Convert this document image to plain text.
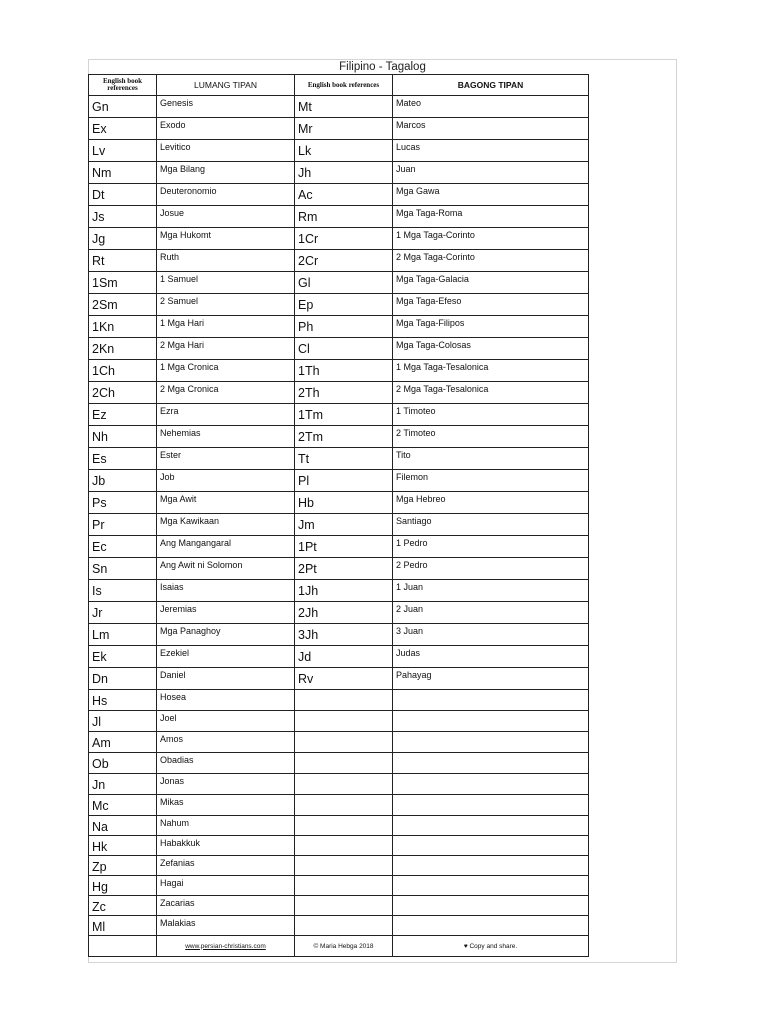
Filipino - Tagalog
English book references	LUMANG TIPAN	English book references	BAGONG TIPAN
Gn	Genesis	Mt	Mateo
Ex	Exodo	Mr	Marcos
Lv	Levitico	Lk	Lucas
Nm	Mga Bilang	Jh	Juan
Dt	Deuteronomio	Ac	Mga Gawa
Js	Josue	Rm	Mga Taga-Roma
Jg	Mga Hukomt	1Cr	1 Mga Taga-Corinto
Rt	Ruth	2Cr	2 Mga Taga-Corinto
1Sm	1 Samuel	Gl	Mga Taga-Galacia
2Sm	2 Samuel	Ep	Mga Taga-Efeso
1Kn	1 Mga Hari	Ph	Mga Taga-Filipos
2Kn	2 Mga Hari	Cl	Mga Taga-Colosas
1Ch	1 Mga Cronica	1Th	1 Mga Taga-Tesalonica
2Ch	2 Mga Cronica	2Th	2 Mga Taga-Tesalonica
Ez	Ezra	1Tm	1 Timoteo
Nh	Nehemias	2Tm	2 Timoteo
Es	Ester	Tt	Tito
Jb	Job	Pl	Filemon
Ps	Mga Awit	Hb	Mga Hebreo
Pr	Mga Kawikaan	Jm	Santiago
Ec	Ang Mangangaral	1Pt	1 Pedro
Sn	Ang Awit ni Solomon	2Pt	2 Pedro
Is	Isaias	1Jh	1 Juan
Jr	Jeremias	2Jh	2 Juan
Lm	Mga Panaghoy	3Jh	3 Juan
Ek	Ezekiel	Jd	Judas
Dn	Daniel	Rv	Pahayag
Hs	Hosea		
Jl	Joel		
Am	Amos		
Ob	Obadias		
Jn	Jonas		
Mc	Mikas		
Na	Nahum		
Hk	Habakkuk		
Zp	Zefanias		
Hg	Hagai		
Zc	Zacarias		
Ml	Malakias		
	www.persian-christians.com	© Maria Hebga 2018	♥ Copy and share.
